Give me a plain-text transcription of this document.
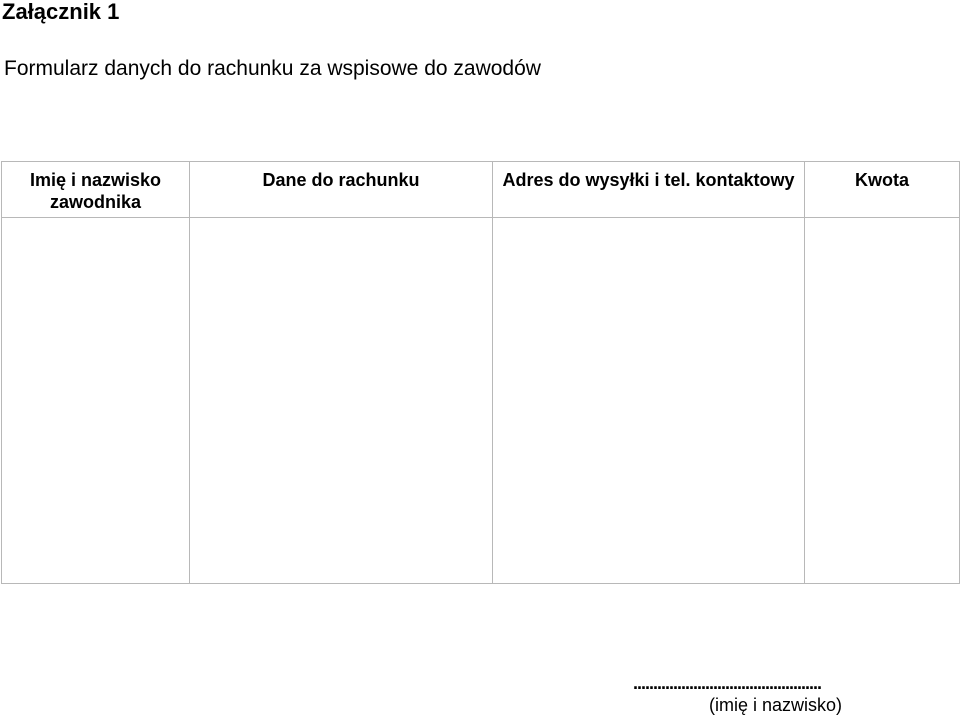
Załącznik 1
Formularz danych do rachunku za wspisowe do zawodów
Imię i nazwisko zawodnika	Dane do rachunku	Adres do wysyłki i tel. kontaktowy	Kwota

...............................................
(imię i nazwisko)
